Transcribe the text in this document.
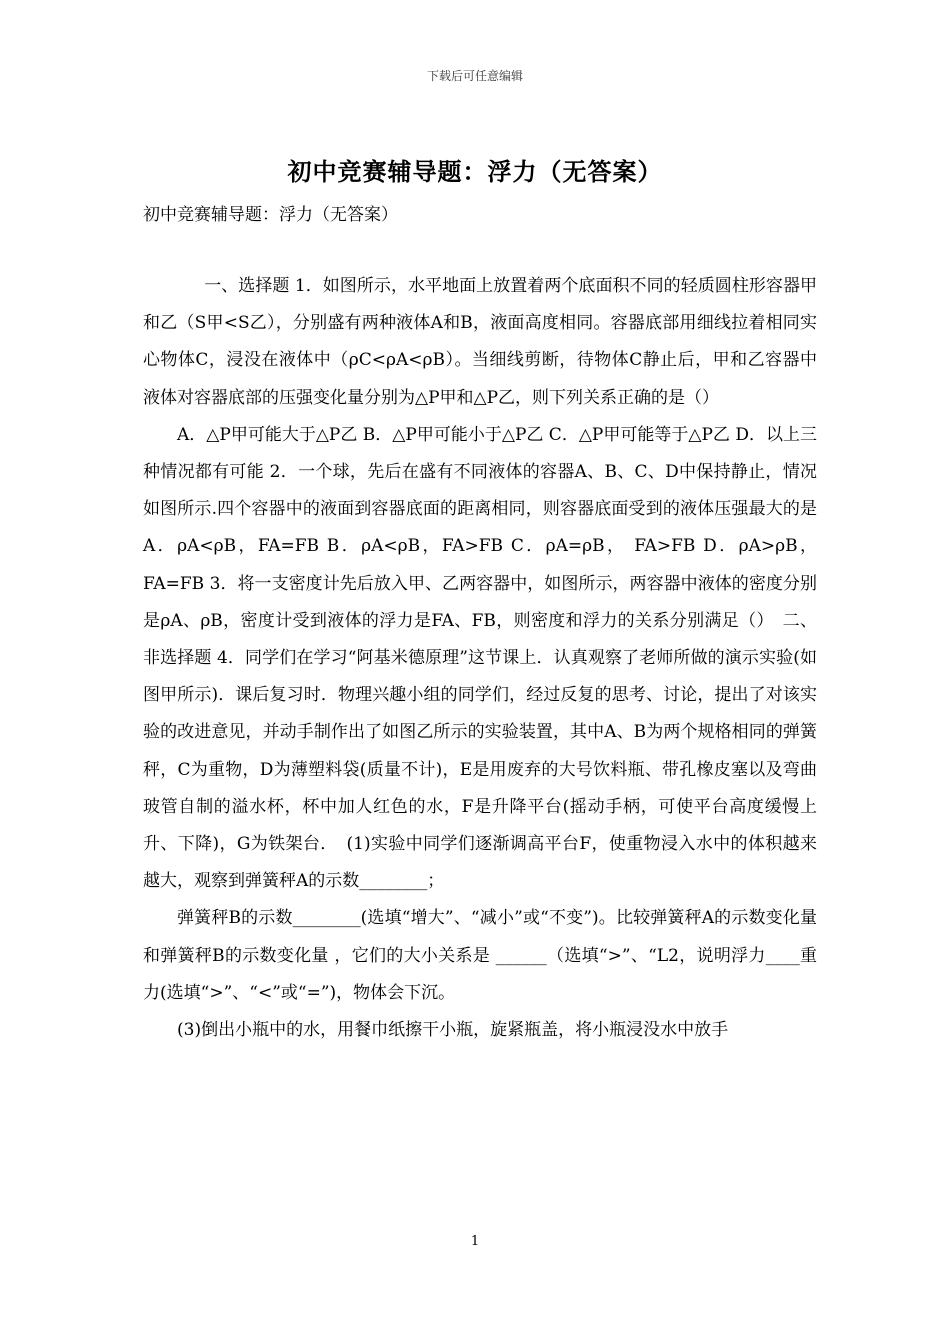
下载后可任意编辑
初中竞赛辅导题：浮力（无答案）
初中竞赛辅导题：浮力（无答案）

一、选择题 1．如图所示，水平地面上放置着两个底面积不同的轻质圆柱形容器甲和乙（S甲<S乙），分别盛有两种液体A和B，液面高度相同。容器底部用细线拉着相同实心物体C，浸没在液体中（ρC<ρA<ρB）。当细线剪断，待物体C静止后，甲和乙容器中液体对容器底部的压强变化量分别为△P甲和△P乙，则下列关系正确的是（）

A．△P甲可能大于△P乙 B．△P甲可能小于△P乙 C．△P甲可能等于△P乙 D．以上三种情况都有可能 2．一个球，先后在盛有不同液体的容器A、B、C、D中保持静止，情况如图所示.四个容器中的液面到容器底面的距离相同，则容器底面受到的液体压强最大的是　A．ρA<ρB，FA=FB B．ρA<ρB，FA>FB C．ρA=ρB， FA>FB D．ρA>ρB， FA=FB 3．将一支密度计先后放入甲、乙两容器中，如图所示，两容器中液体的密度分别是ρA、ρB，密度计受到液体的浮力是FA、FB，则密度和浮力的关系分别满足（）　二、非选择题 4．同学们在学习“阿基米德原理”这节课上．认真观察了老师所做的演示实验(如图甲所示)．课后复习时．物理兴趣小组的同学们，经过反复的思考、讨论，提出了对该实验的改进意见，并动手制作出了如图乙所示的实验装置，其中A、B为两个规格相同的弹簧秤，C为重物，D为薄塑料袋(质量不计)，E是用废弃的大号饮料瓶、带孔橡皮塞以及弯曲玻管自制的溢水杯，杯中加人红色的水，F是升降平台(摇动手柄，可使平台高度缓慢上升、下降)，G为铁架台．　(1)实验中同学们逐渐调高平台F，使重物浸入水中的体积越来越大，观察到弹簧秤A的示数________；

弹簧秤B的示数________(选填“增大”、“减小”或“不变”)。比较弹簧秤A的示数变化量和弹簧秤B的示数变化量 ，它们的大小关系是 ______（选填“>”、“L2，说明浮力____重力(选填“>”、“<”或“=”)，物体会下沉。

(3)倒出小瓶中的水，用餐巾纸擦干小瓶，旋紧瓶盖，将小瓶浸没水中放手

1
